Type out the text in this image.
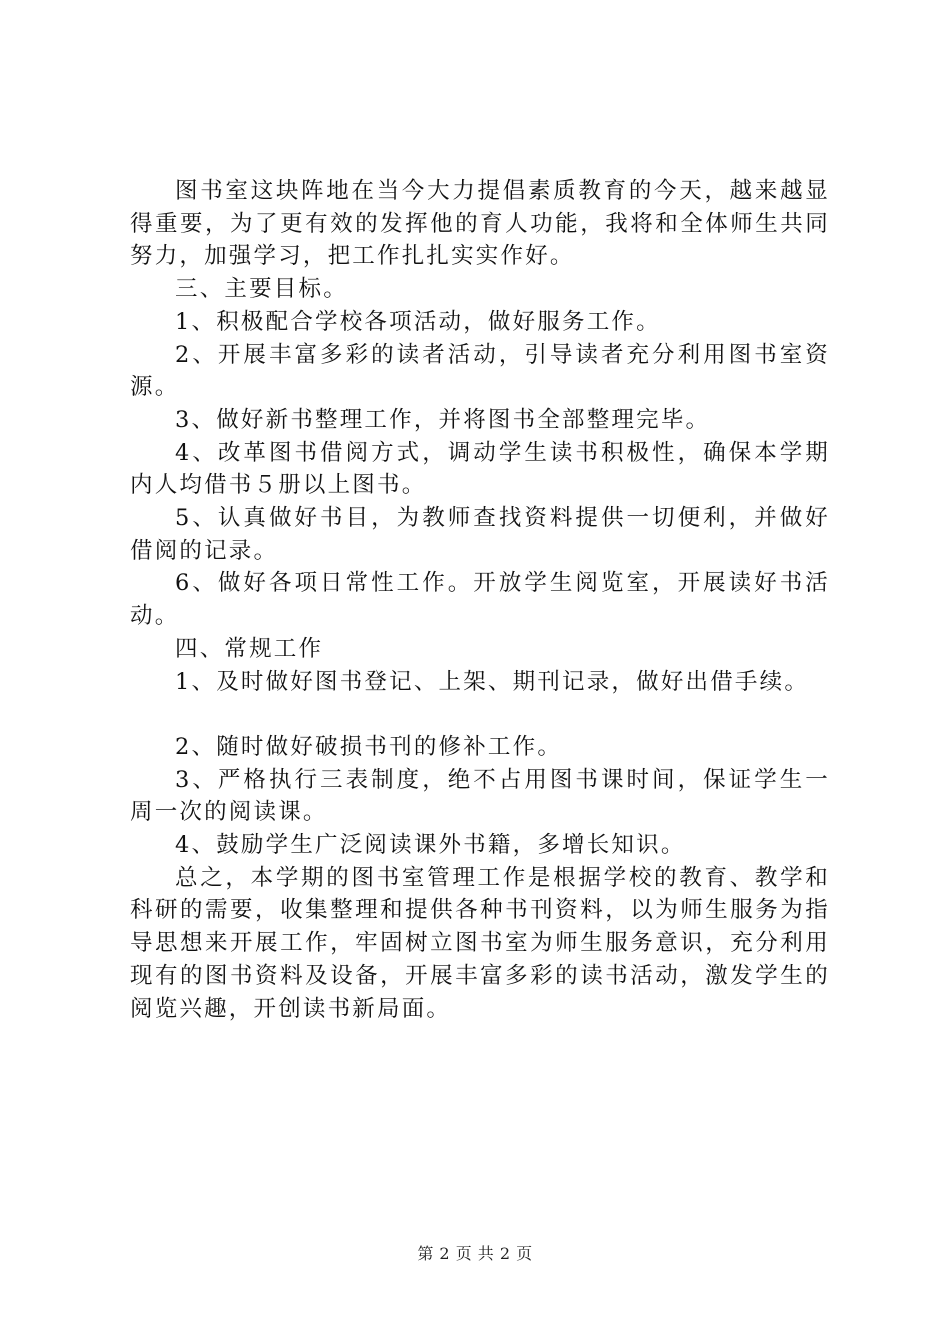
图书室这块阵地在当今大力提倡素质教育的今天，越来越显得重要，为了更有效的发挥他的育人功能，我将和全体师生共同努力，加强学习，把工作扎扎实实作好。

三、主要目标。

1、积极配合学校各项活动，做好服务工作。

2、开展丰富多彩的读者活动，引导读者充分利用图书室资源。

3、做好新书整理工作，并将图书全部整理完毕。

4、改革图书借阅方式，调动学生读书积极性，确保本学期内人均借书５册以上图书。

5、认真做好书目，为教师查找资料提供一切便利，并做好借阅的记录。

6、做好各项日常性工作。开放学生阅览室，开展读好书活动。

四、常规工作

1、及时做好图书登记、上架、期刊记录，做好出借手续。

2、随时做好破损书刊的修补工作。

3、严格执行三表制度，绝不占用图书课时间，保证学生一周一次的阅读课。

4、鼓励学生广泛阅读课外书籍，多增长知识。

总之，本学期的图书室管理工作是根据学校的教育、教学和科研的需要，收集整理和提供各种书刊资料，以为师生服务为指导思想来开展工作，牢固树立图书室为师生服务意识，充分利用现有的图书资料及设备，开展丰富多彩的读书活动，激发学生的阅览兴趣，开创读书新局面。

第 2 页 共 2 页
